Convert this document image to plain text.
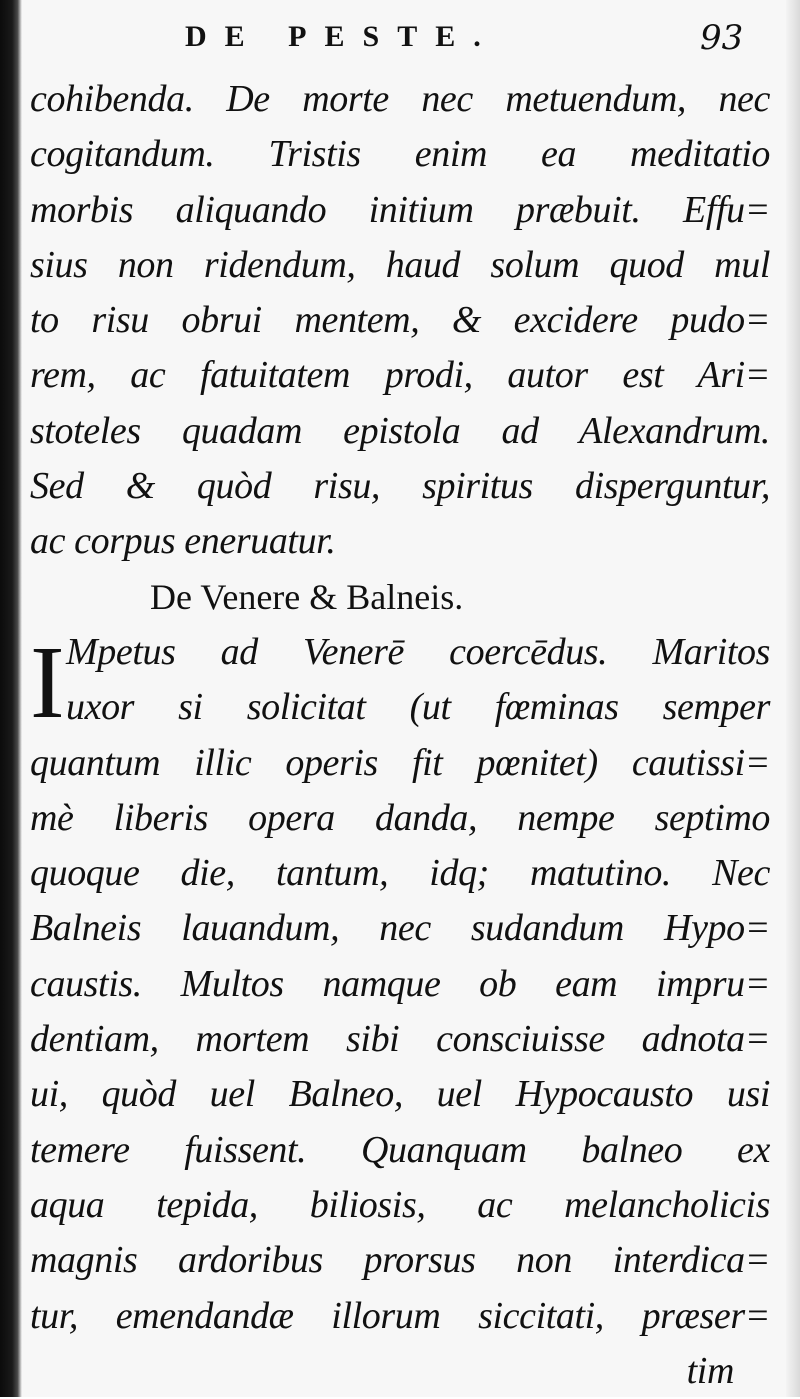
DE PESTE.	93
cohibenda. De morte nec metuendum, nec
cogitandum. Tristis enim ea meditatio
morbis aliquando initium præbuit. Effu=
sius non ridendum, haud solum quod mul
to risu obrui mentem, & excidere pudo=
rem, ac fatuitatem prodi, autor est Ari=
stoteles quadam epistola ad Alexandrum.
Sed & quòd risu, spiritus disperguntur,
ac corpus eneruatur.
De Venere & Balneis.
I Mpetus ad Venerē coercēdus. Maritos
uxor si solicitat (ut fœminas semper
quantum illic operis fit pœnitet) cautissi=
mè liberis opera danda, nempe septimo
quoque die, tantum, idq; matutino. Nec
Balneis lauandum, nec sudandum Hypo=
caustis. Multos namque ob eam impru=
dentiam, mortem sibi consciuisse adnota=
ui, quòd uel Balneo, uel Hypocausto usi
temere fuissent. Quanquam balneo ex
aqua tepida, biliosis, ac melancholicis
magnis ardoribus prorsus non interdica=
tur, emendandæ illorum siccitati, præser=
tim
